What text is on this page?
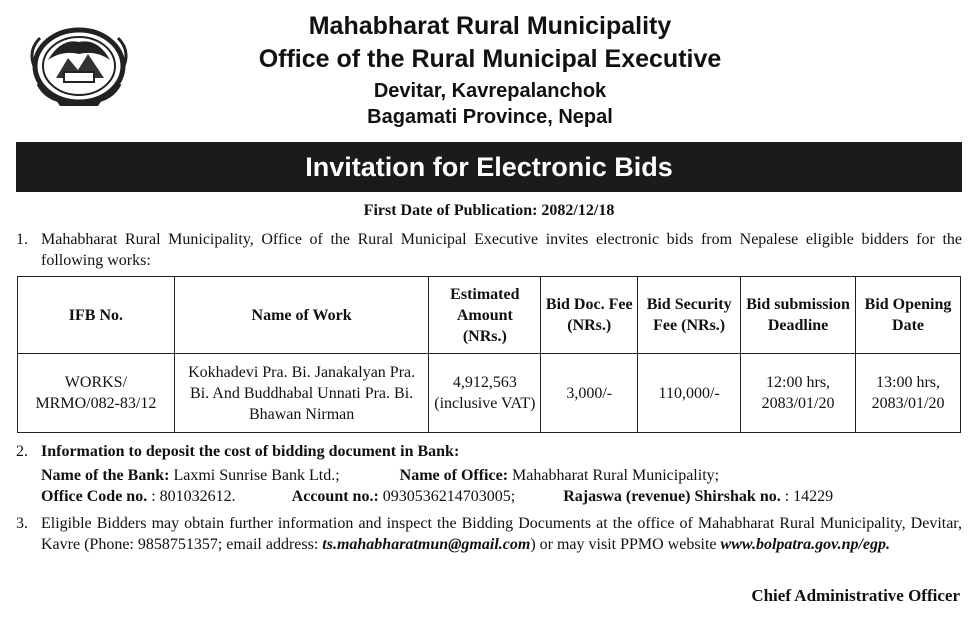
Mahabharat Rural Municipality
Office of the Rural Municipal Executive
Devitar, Kavrepalanchok
Bagamati Province, Nepal
Invitation for Electronic Bids
First Date of Publication: 2082/12/18
1. Mahabharat Rural Municipality, Office of the Rural Municipal Executive invites electronic bids from Nepalese eligible bidders for the following works:
IFB No.	Name of Work	Estimated Amount (NRs.)	Bid Doc. Fee (NRs.)	Bid Security Fee (NRs.)	Bid submission Deadline	Bid Opening Date
WORKS/ MRMO/082-83/12	Kokhadevi Pra. Bi. Janakalyan Pra. Bi. And Buddhabal Unnati Pra. Bi. Bhawan Nirman	4,912,563 (inclusive VAT)	3,000/-	110,000/-	12:00 hrs, 2083/01/20	13:00 hrs, 2083/01/20
2. Information to deposit the cost of bidding document in Bank:
Name of the Bank: Laxmi Sunrise Bank Ltd.;	Name of Office: Mahabharat Rural Municipality;
Office Code no. : 801032612.	Account no.: 0930536214703005;	Rajaswa (revenue) Shirshak no. : 14229
3. Eligible Bidders may obtain further information and inspect the Bidding Documents at the office of Mahabharat Rural Municipality, Devitar, Kavre (Phone: 9858751357; email address: ts.mahabharatmun@gmail.com) or may visit PPMO website www.bolpatra.gov.np/egp.
Chief Administrative Officer
